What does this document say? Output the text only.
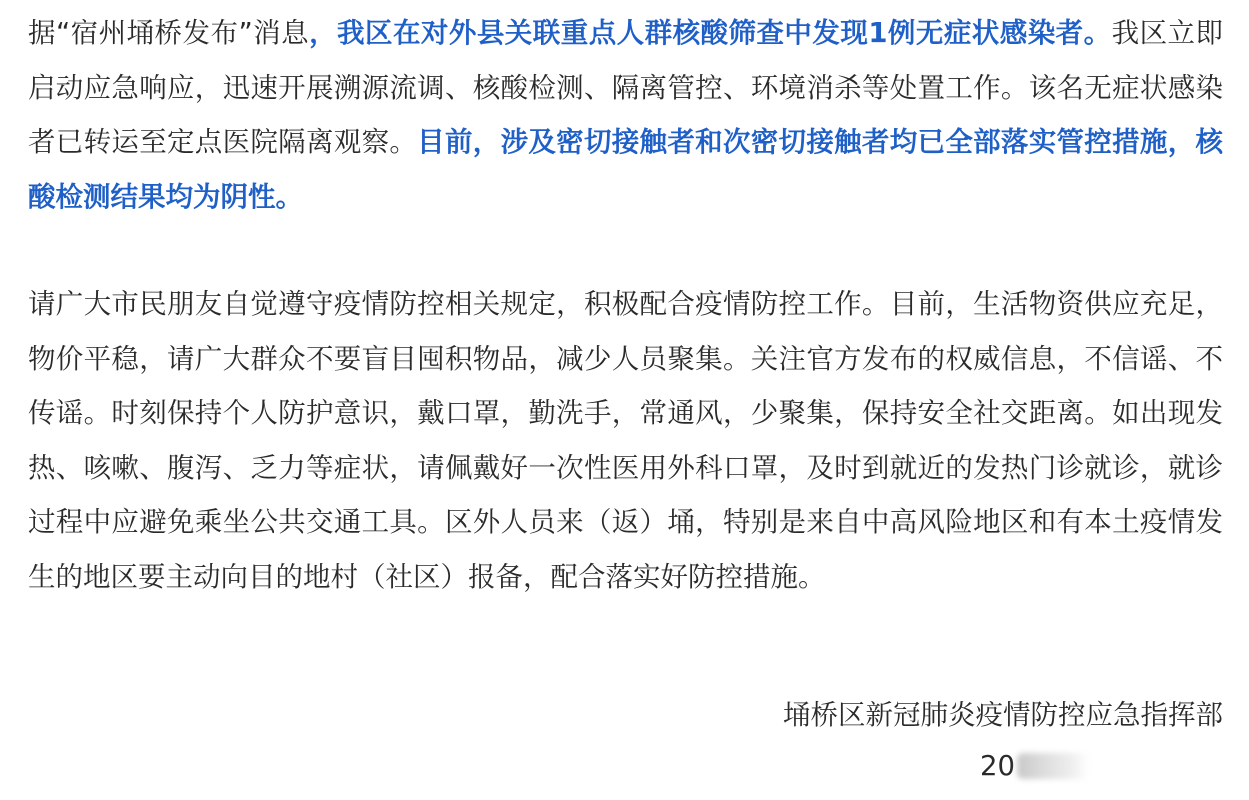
据“宿州埇桥发布”消息，我区在对外县关联重点人群核酸筛查中发现1例无症状感染者。我区立即启动应急响应，迅速开展溯源流调、核酸检测、隔离管控、环境消杀等处置工作。该名无症状感染者已转运至定点医院隔离观察。目前，涉及密切接触者和次密切接触者均已全部落实管控措施，核酸检测结果均为阴性。

请广大市民朋友自觉遵守疫情防控相关规定，积极配合疫情防控工作。目前，生活物资供应充足，物价平稳，请广大群众不要盲目囤积物品，减少人员聚集。关注官方发布的权威信息，不信谣、不传谣。时刻保持个人防护意识，戴口罩，勤洗手，常通风，少聚集，保持安全社交距离。如出现发热、咳嗽、腹泻、乏力等症状，请佩戴好一次性医用外科口罩，及时到就近的发热门诊就诊，就诊过程中应避免乘坐公共交通工具。区外人员来（返）埇，特别是来自中高风险地区和有本土疫情发生的地区要主动向目的地村（社区）报备，配合落实好防控措施。

埇桥区新冠肺炎疫情防控应急指挥部
20
